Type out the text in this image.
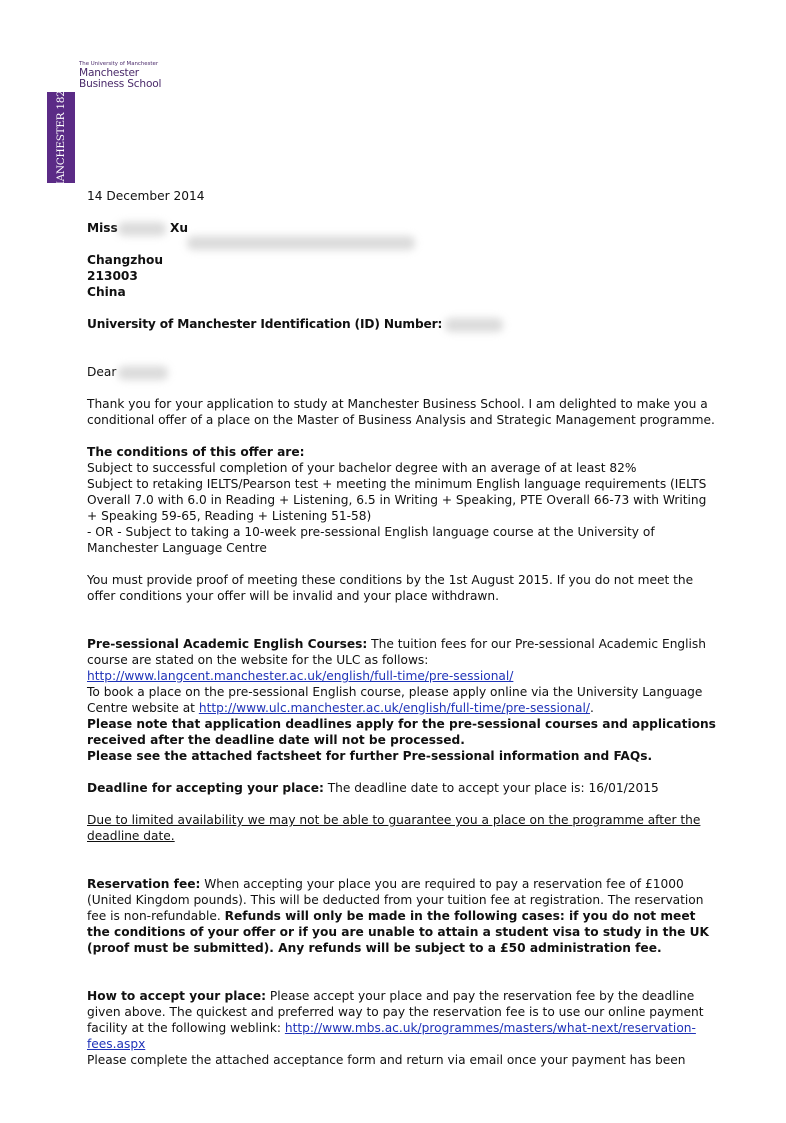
The University of Manchester
Manchester
Business School
MANCHESTER 1824
14 December 2014
Miss	Xu
Changzhou
213003
China
University of Manchester Identification (ID) Number:
Dear
Thank you for your application to study at Manchester Business School. I am delighted to make you a
conditional offer of a place on the Master of Business Analysis and Strategic Management programme.
The conditions of this offer are:
Subject to successful completion of your bachelor degree with an average of at least 82%
Subject to retaking IELTS/Pearson test + meeting the minimum English language requirements (IELTS
Overall 7.0 with 6.0 in Reading + Listening, 6.5 in Writing + Speaking, PTE Overall 66-73 with Writing
+ Speaking 59-65, Reading + Listening 51-58)
- OR - Subject to taking a 10-week pre-sessional English language course at the University of
Manchester Language Centre
You must provide proof of meeting these conditions by the 1st August 2015. If you do not meet the
offer conditions your offer will be invalid and your place withdrawn.
Pre-sessional Academic English Courses: The tuition fees for our Pre-sessional Academic English
course are stated on the website for the ULC as follows:
http://www.langcent.manchester.ac.uk/english/full-time/pre-sessional/
To book a place on the pre-sessional English course, please apply online via the University Language
Centre website at http://www.ulc.manchester.ac.uk/english/full-time/pre-sessional/.
Please note that application deadlines apply for the pre-sessional courses and applications
received after the deadline date will not be processed.
Please see the attached factsheet for further Pre-sessional information and FAQs.
Deadline for accepting your place: The deadline date to accept your place is: 16/01/2015
Due to limited availability we may not be able to guarantee you a place on the programme after the
deadline date.
Reservation fee: When accepting your place you are required to pay a reservation fee of £1000
(United Kingdom pounds). This will be deducted from your tuition fee at registration. The reservation
fee is non-refundable. Refunds will only be made in the following cases: if you do not meet
the conditions of your offer or if you are unable to attain a student visa to study in the UK
(proof must be submitted). Any refunds will be subject to a £50 administration fee.
How to accept your place: Please accept your place and pay the reservation fee by the deadline
given above. The quickest and preferred way to pay the reservation fee is to use our online payment
facility at the following weblink: http://www.mbs.ac.uk/programmes/masters/what-next/reservation-
fees.aspx
Please complete the attached acceptance form and return via email once your payment has been
